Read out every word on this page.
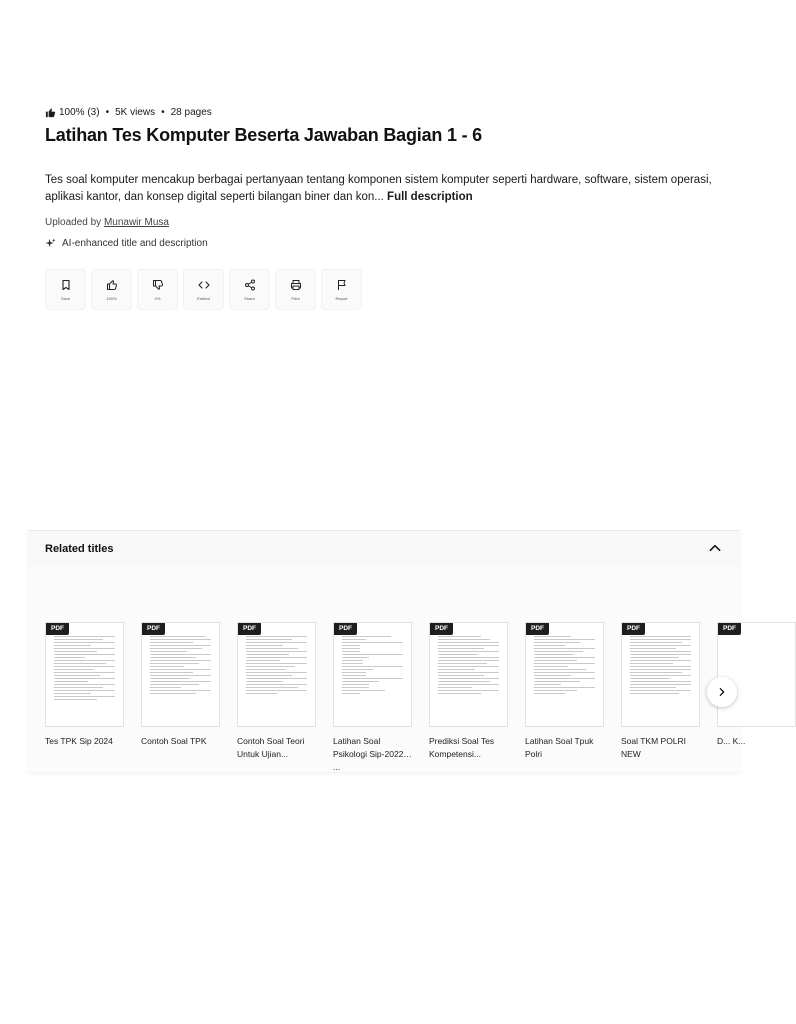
100% (3) • 5K views • 28 pages
Latihan Tes Komputer Beserta Jawaban Bagian 1 - 6

Tes soal komputer mencakup berbagai pertanyaan tentang komponen sistem komputer seperti hardware, software, sistem operasi, aplikasi kantor, dan konsep digital seperti bilangan biner dan kon... Full description

Uploaded by Munawir Musa
AI-enhanced title and description
Save	100%	0%	Embed	Share	Print	Report
Related titles
PDF
Tes TPK Sip 2024
PDF
Contoh Soal TPK
PDF
Contoh Soal Teori Untuk Ujian...
PDF
Latihan Soal Psikologi Sip-2022 ...
PDF
Prediksi Soal Tes Kompetensi...
PDF
Latihan Soal Tpuk Polri
PDF
Soal TKM POLRI NEW
PDF
D... K...
